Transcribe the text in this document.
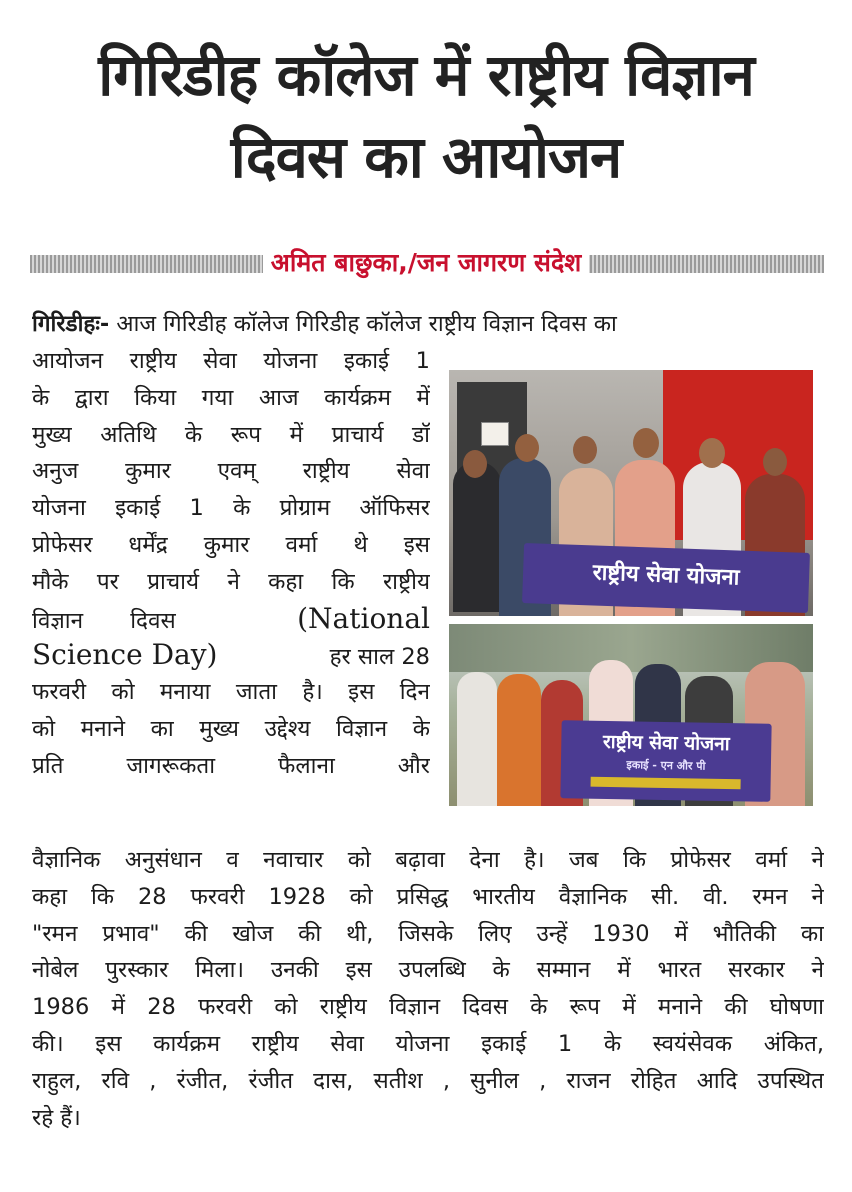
गिरिडीह कॉलेज में राष्ट्रीय विज्ञान
दिवस का आयोजन
अमित बाछुका,/जन जागरण संदेश
गिरिडीहः- आज गिरिडीह कॉलेज गिरिडीह कॉलेज राष्ट्रीय विज्ञान दिवस का
आयोजन राष्ट्रीय सेवा योजना इकाई 1
के द्वारा किया गया आज कार्यक्रम में
मुख्य अतिथि के रूप में प्राचार्य डॉ
अनुज कुमार एवम् राष्ट्रीय सेवा
योजना इकाई 1 के प्रोग्राम ऑफिसर
प्रोफेसर धर्मेंद्र कुमार वर्मा थे इस
मौके पर प्राचार्य ने कहा कि राष्ट्रीय
विज्ञान दिवस	(National
Science Day)	हर साल 28
फरवरी को मनाया जाता है। इस दिन
को मनाने का मुख्य उद्देश्य विज्ञान के
प्रति जागरूकता फैलाना और
वैज्ञानिक अनुसंधान व नवाचार को बढ़ावा देना है। जब कि प्रोफेसर वर्मा ने
कहा कि 28 फरवरी 1928 को प्रसिद्ध भारतीय वैज्ञानिक सी. वी. रमन ने
"रमन प्रभाव" की खोज की थी, जिसके लिए उन्हें 1930 में भौतिकी का
नोबेल पुरस्कार मिला। उनकी इस उपलब्धि के सम्मान में भारत सरकार ने
1986 में 28 फरवरी को राष्ट्रीय विज्ञान दिवस के रूप में मनाने की घोषणा
की। इस कार्यक्रम राष्ट्रीय सेवा योजना इकाई 1 के स्वयंसेवक अंकित,
राहुल, रवि , रंजीत, रंजीत दास, सतीश , सुनील , राजन रोहित आदि उपस्थित
रहे हैं।
राष्ट्रीय सेवा योजना
राष्ट्रीय सेवा योजना
इकाई - एन और पी
